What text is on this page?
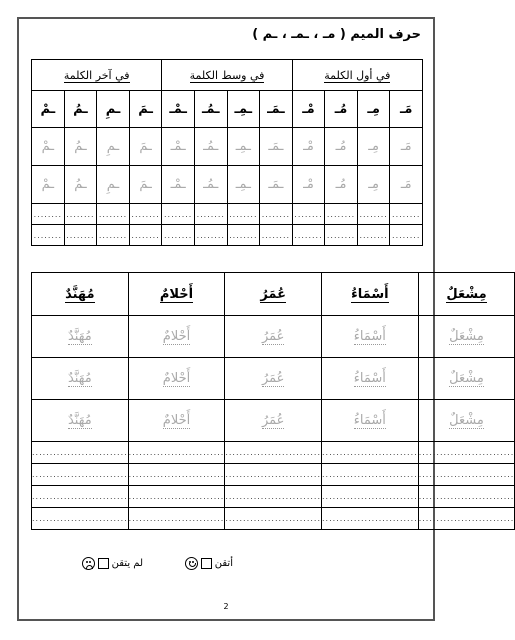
حرف الميم ( مـ ، ـمـ ، ـم )
في أول الكلمة				في وسط الكلمة				في آخر الكلمة			
مَـ	مِـ	مُـ	مْـ	ـمَـ	ـمِـ	ـمُـ	ـمْـ	ـمَ	ـمِ	ـمُ	ـمْ
مَـ	مِـ	مُـ	مْـ	ـمَـ	ـمِـ	ـمُـ	ـمْـ	ـمَ	ـمِ	ـمُ	ـمْ
مَـ	مِـ	مُـ	مْـ	ـمَـ	ـمِـ	ـمُـ	ـمْـ	ـمَ	ـمِ	ـمُ	ـمْ
........	........	........	........	........	........	........	........	........	........	........	........
........	........	........	........	........	........	........	........	........	........	........	........
مِشْعَلٌ	أَسْمَاءُ	عُمَرُ	أَحْلامٌ	مُهَنَّدٌ
مِشْعَلٌ	أَسْمَاءُ	عُمَرُ	أَحْلامٌ	مُهَنَّدٌ
مِشْعَلٌ	أَسْمَاءُ	عُمَرُ	أَحْلامٌ	مُهَنَّدٌ
مِشْعَلٌ	أَسْمَاءُ	عُمَرُ	أَحْلامٌ	مُهَنَّدٌ
...........................	...........................	...........................	...........................	...........................
...........................	...........................	...........................	...........................	...........................
...........................	...........................	...........................	...........................	...........................
...........................	...........................	...........................	...........................	...........................
أتقن
لم يتقن
2
